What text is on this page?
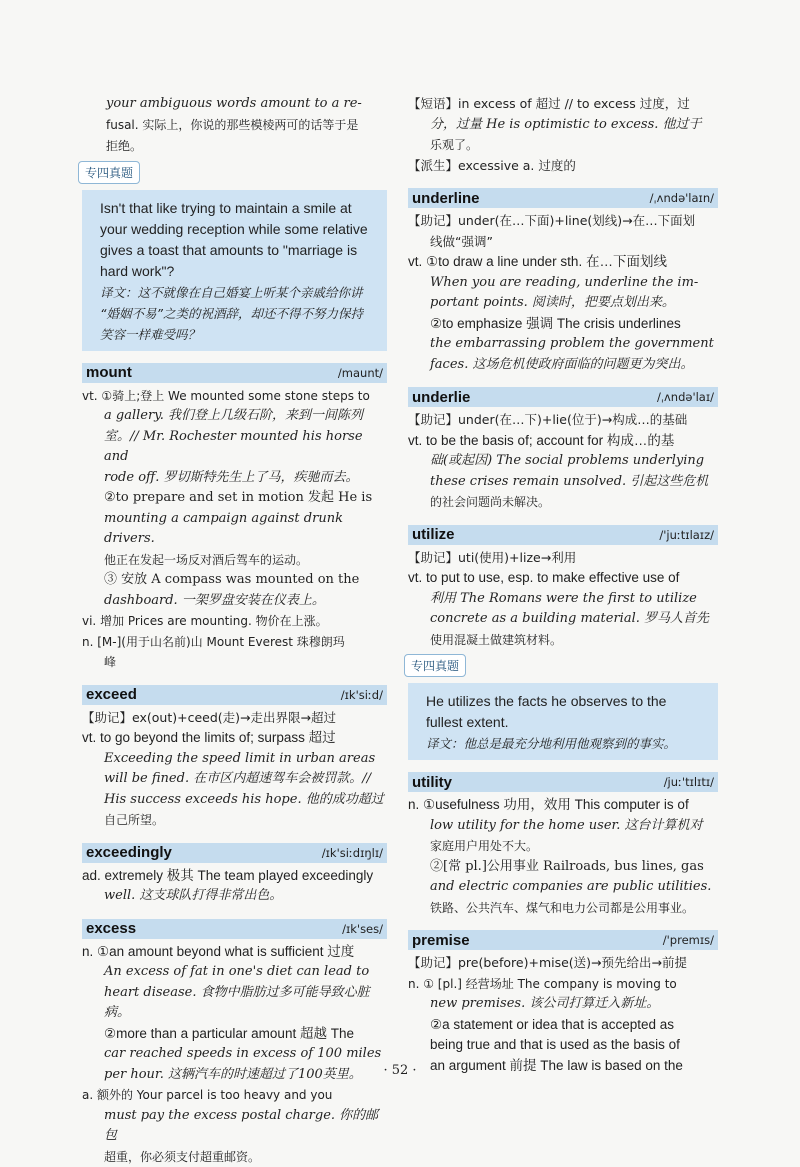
your ambiguous words amount to a re-

fusal. 实际上，你说的那些模棱两可的话等于是

拒绝。

专四真题

Isn't that like trying to maintain a smile at

your wedding reception while some relative

gives a toast that amounts to "marriage is

hard work"?

译文：这不就像在自己婚宴上听某个亲戚给你讲

“婚姻不易”之类的祝酒辞，却还不得不努力保持

笑容一样难受吗？

mount	/maunt/

vt. ①骑上;登上 We mounted some stone steps to

a gallery. 我们登上几级石阶，来到一间陈列

室。// Mr. Rochester mounted his horse and

rode off. 罗切斯特先生上了马，疾驰而去。

②to prepare and set in motion 发起 He is

mounting a campaign against drunk drivers.

他正在发起一场反对酒后驾车的运动。

③ 安放 A compass was mounted on the

dashboard. 一架罗盘安装在仪表上。

vi. 增加 Prices are mounting. 物价在上涨。

n. [M-](用于山名前)山 Mount Everest 珠穆朗玛

峰

exceed	/ɪk'siːd/

【助记】ex(out)+ceed(走)→走出界限→超过

vt. to go beyond the limits of; surpass 超过

Exceeding the speed limit in urban areas

will be fined. 在市区内超速驾车会被罚款。//

His success exceeds his hope. 他的成功超过

自己所望。

exceedingly	/ɪk'siːdɪŋlɪ/

ad. extremely 极其 The team played exceedingly

well. 这支球队打得非常出色。

excess	/ɪk'ses/

n. ①an amount beyond what is sufficient 过度

An excess of fat in one's diet can lead to

heart disease. 食物中脂肪过多可能导致心脏病。

②more than a particular amount 超越 The

car reached speeds in excess of 100 miles

per hour. 这辆汽车的时速超过了100英里。

a. 额外的 Your parcel is too heavy and you

must pay the excess postal charge. 你的邮包

超重，你必须支付超重邮资。

【短语】in excess of 超过 // to excess 过度，过

分，过量 He is optimistic to excess. 他过于

乐观了。

【派生】excessive a. 过度的

underline	/ˌʌndə'laɪn/

【助记】under(在…下面)+line(划线)→在…下面划

线做“强调”

vt. ①to draw a line under sth. 在…下面划线

When you are reading, underline the im-

portant points. 阅读时，把要点划出来。

②to emphasize 强调 The crisis underlines

the embarrassing problem the government

faces. 这场危机使政府面临的问题更为突出。

underlie	/ˌʌndə'laɪ/

【助记】under(在…下)+lie(位于)→构成…的基础

vt. to be the basis of; account for 构成…的基

础(或起因) The social problems underlying

these crises remain unsolved. 引起这些危机

的社会问题尚未解决。

utilize	/'juːtɪlaɪz/

【助记】uti(使用)+lize→利用

vt. to put to use, esp. to make effective use of

利用 The Romans were the first to utilize

concrete as a building material. 罗马人首先

使用混凝土做建筑材料。

专四真题

He utilizes the facts he observes to the

fullest extent.

译文：他总是最充分地利用他观察到的事实。

utility	/juː'tɪlɪtɪ/

n. ①usefulness 功用，效用 This computer is of

low utility for the home user. 这台计算机对

家庭用户用处不大。

②[常 pl.]公用事业 Railroads, bus lines, gas

and electric companies are public utilities.

铁路、公共汽车、煤气和电力公司都是公用事业。

premise	/'premɪs/

【助记】pre(before)+mise(送)→预先给出→前提

n. ① [pl.] 经营场址 The company is moving to

new premises. 该公司打算迁入新址。

②a statement or idea that is accepted as

being true and that is used as the basis of

an argument 前提 The law is based on the

· 52 ·
